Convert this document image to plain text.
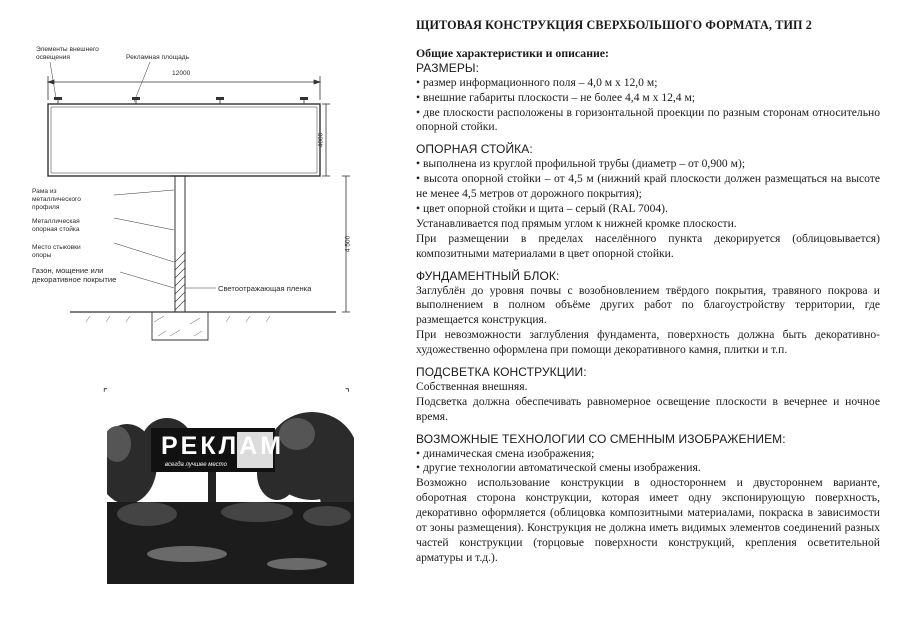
ЩИТОВАЯ КОНСТРУКЦИЯ СВЕРХБОЛЬШОГО ФОРМАТА, ТИП 2
Общие характеристики и описание:
РАЗМЕРЫ:
• размер информационного поля – 4,0 м х 12,0 м;
• внешние габариты плоскости – не более 4,4 м х 12,4 м;
• две плоскости расположены в горизонтальной проекции по разным сторонам относительно опорной стойки.
ОПОРНАЯ СТОЙКА:
• выполнена из круглой профильной трубы (диаметр – от 0,900 м);
• высота опорной стойки – от 4,5 м (нижний край плоскости должен размещаться на высоте не менее 4,5 метров от дорожного покрытия);
• цвет опорной стойки и щита – серый (RAL 7004).
Устанавливается под прямым углом к нижней кромке плоскости.
При размещении в пределах населённого пункта декорируется (облицовывается) композитными материалами в цвет опорной стойки.
ФУНДАМЕНТНЫЙ БЛОК:
Заглублён до уровня почвы с возобновлением твёрдого покрытия, травяного покрова и выполнением в полном объёме других работ по благоустройству территории, где размещается конструкция.
При невозможности заглубления фундамента, поверхность должна быть декоративно-художественно оформлена при помощи декоративного камня, плитки и т.п.
ПОДСВЕТКА КОНСТРУКЦИИ:
Собственная внешняя.
Подсветка должна обеспечивать равномерное освещение плоскости в вечернее и ночное время.
ВОЗМОЖНЫЕ ТЕХНОЛОГИИ СО СМЕННЫМ ИЗОБРАЖЕНИЕМ:
• динамическая смена изображения;
• другие технологии автоматической смены изображения.
Возможно использование конструкции в одностороннем и двустороннем варианте, оборотная сторона конструкции, которая имеет одну экспонирующую поверхность, декоративно оформляется (облицовка композитными материалами, покраска в зависимости от зоны размещения). Конструкция не должна иметь видимых элементов соединений разных частей конструкции (торцовые поверхности конструкций, крепления осветительной арматуры и т.д.).
Элементы внешнего
освещения	Рекламная площадь
12000
4000
4 500
Рама из
металлического
профиля
Металлическая
опорная стойка
Место стыковки
опоры
Газон, мощение или
декоративное покрытие
Светоотражающая пленка
⌜	⌝
РЕКЛАМ
всегда лучшее место
